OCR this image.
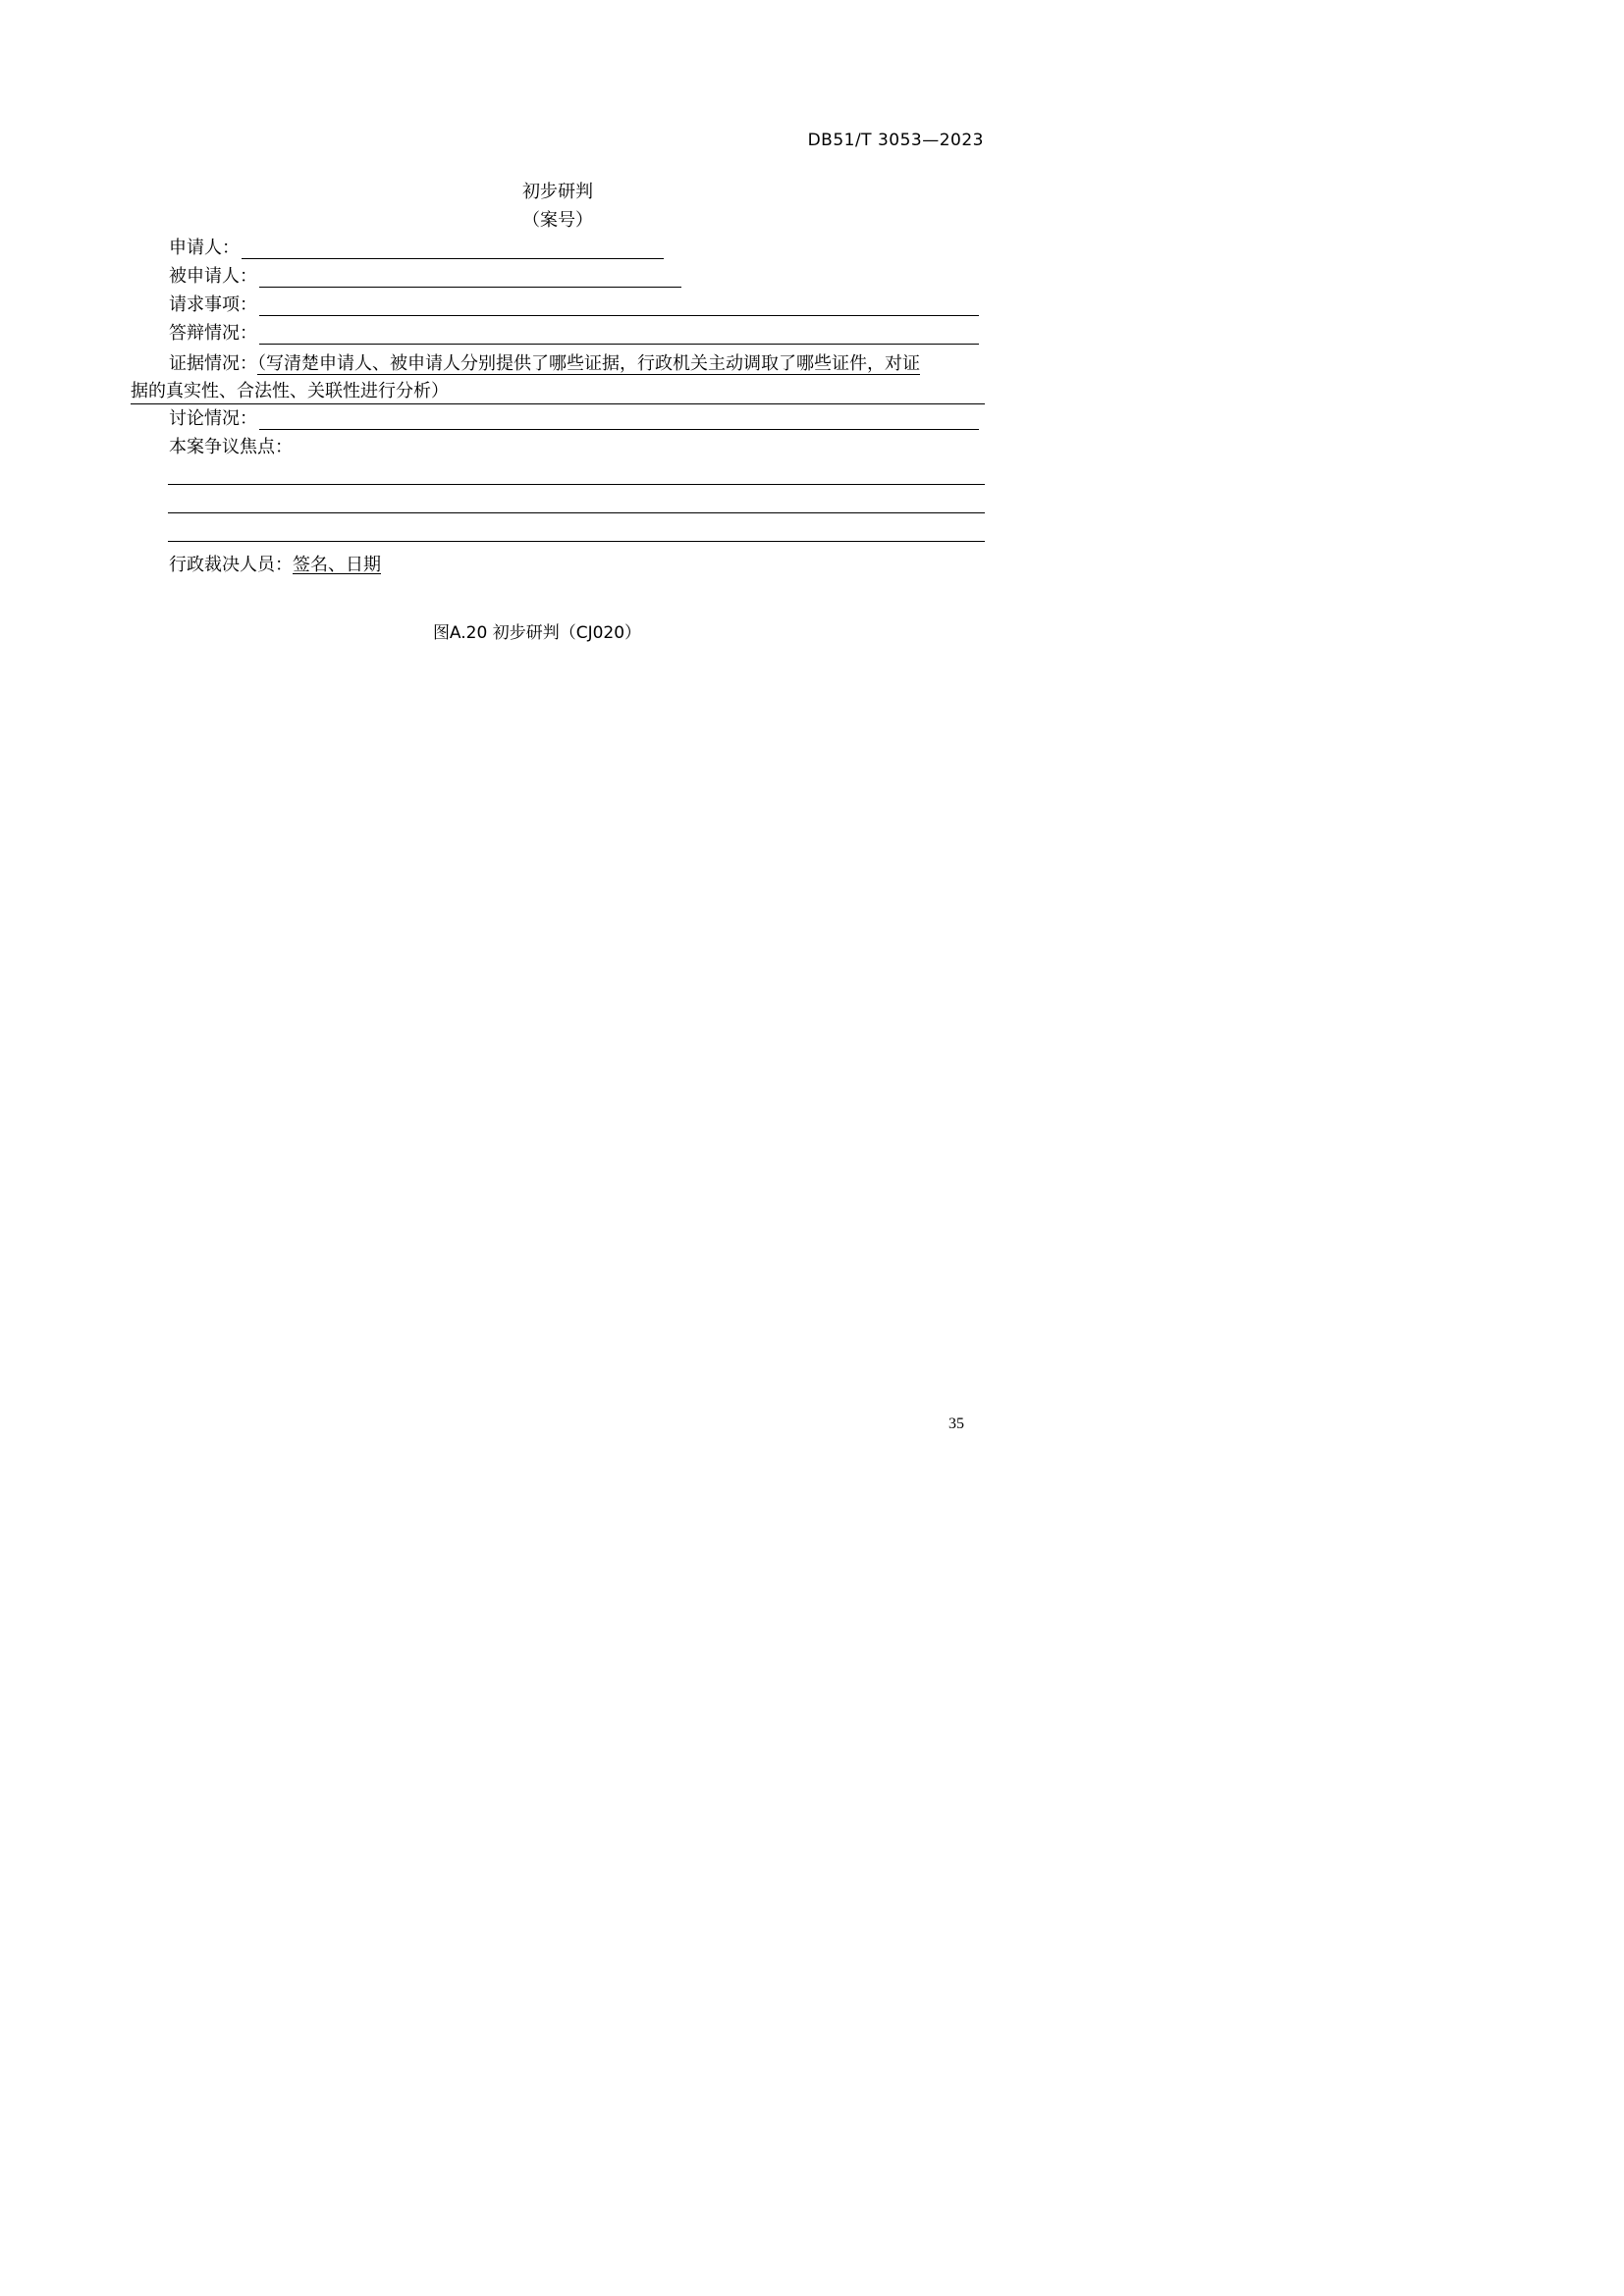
DB51/T 3053—2023
初步研判
（案号）
申请人：
被申请人：
请求事项：
答辩情况：
证据情况：（写清楚申请人、被申请人分别提供了哪些证据，行政机关主动调取了哪些证件，对证
据的真实性、合法性、关联性进行分析）
讨论情况：
本案争议焦点：
行政裁决人员：签名、日期
图A.20 初步研判（CJ020）
35
